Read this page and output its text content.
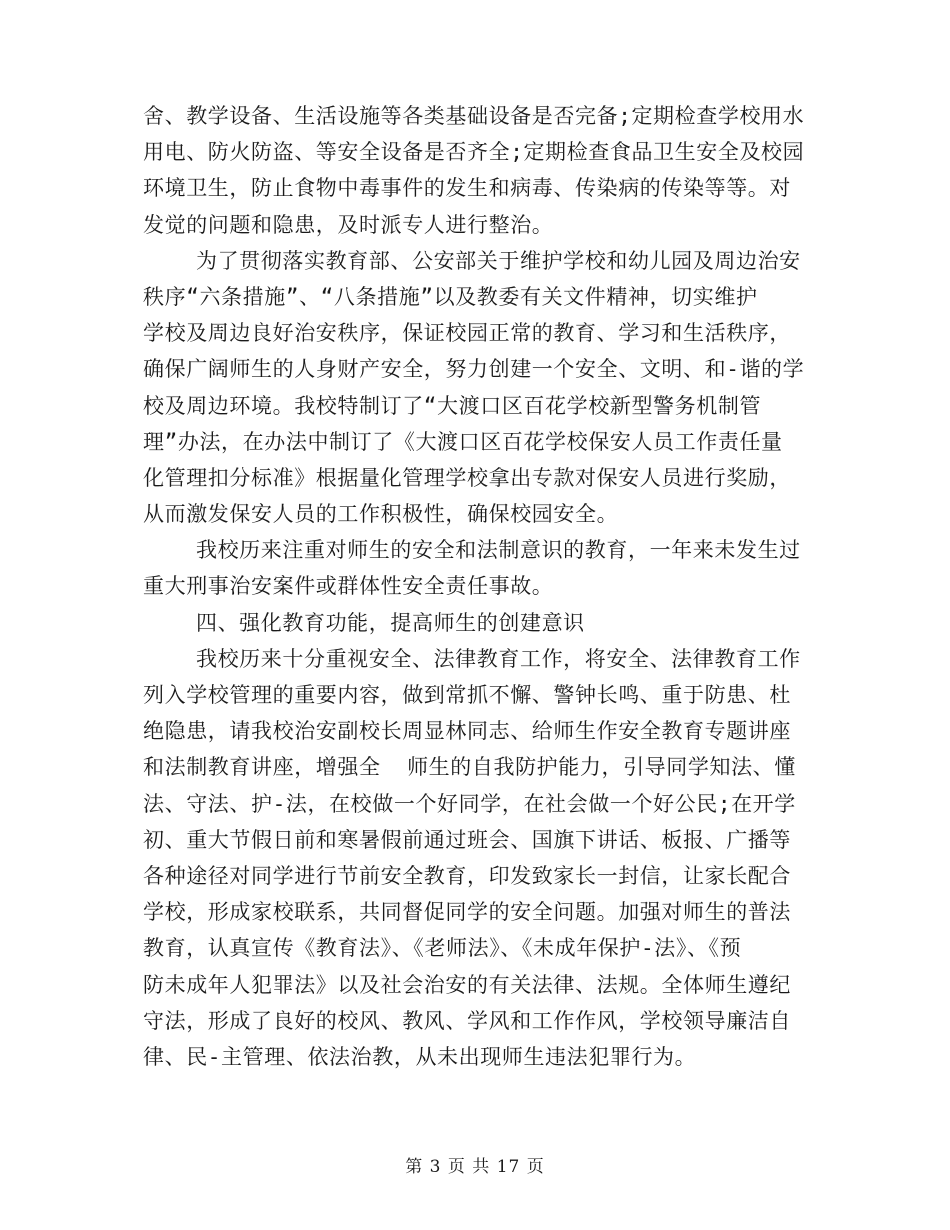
舍、教学设备、生活设施等各类基础设备是否完备;定期检查学校用水
用电、防火防盗、等安全设备是否齐全;定期检查食品卫生安全及校园
环境卫生，防止食物中毒事件的发生和病毒、传染病的传染等等。对
发觉的问题和隐患，及时派专人进行整治。
为了贯彻落实教育部、公安部关于维护学校和幼儿园及周边治安
秩序“六条措施”、“八条措施”以及教委有关文件精神，切实维护
学校及周边良好治安秩序，保证校园正常的教育、学习和生活秩序，
确保广阔师生的人身财产安全，努力创建一个安全、文明、和-谐的学
校及周边环境。我校特制订了“大渡口区百花学校新型警务机制管
理”办法，在办法中制订了《大渡口区百花学校保安人员工作责任量
化管理扣分标准》根据量化管理学校拿出专款对保安人员进行奖励，
从而激发保安人员的工作积极性，确保校园安全。
我校历来注重对师生的安全和法制意识的教育，一年来未发生过
重大刑事治安案件或群体性安全责任事故。
四、强化教育功能，提高师生的创建意识
我校历来十分重视安全、法律教育工作，将安全、法律教育工作
列入学校管理的重要内容，做到常抓不懈、警钟长鸣、重于防患、杜
绝隐患，请我校治安副校长周显林同志、给师生作安全教育专题讲座
和法制教育讲座，增强全  师生的自我防护能力，引导同学知法、懂
法、守法、护-法，在校做一个好同学，在社会做一个好公民;在开学
初、重大节假日前和寒暑假前通过班会、国旗下讲话、板报、广播等
各种途径对同学进行节前安全教育，印发致家长一封信，让家长配合
学校，形成家校联系，共同督促同学的安全问题。加强对师生的普法
教育，认真宣传《教育法》、《老师法》、《未成年保护-法》、《预
防未成年人犯罪法》以及社会治安的有关法律、法规。全体师生遵纪
守法，形成了良好的校风、教风、学风和工作作风，学校领导廉洁自
律、民-主管理、依法治教，从未出现师生违法犯罪行为。
第 3 页 共 17 页
